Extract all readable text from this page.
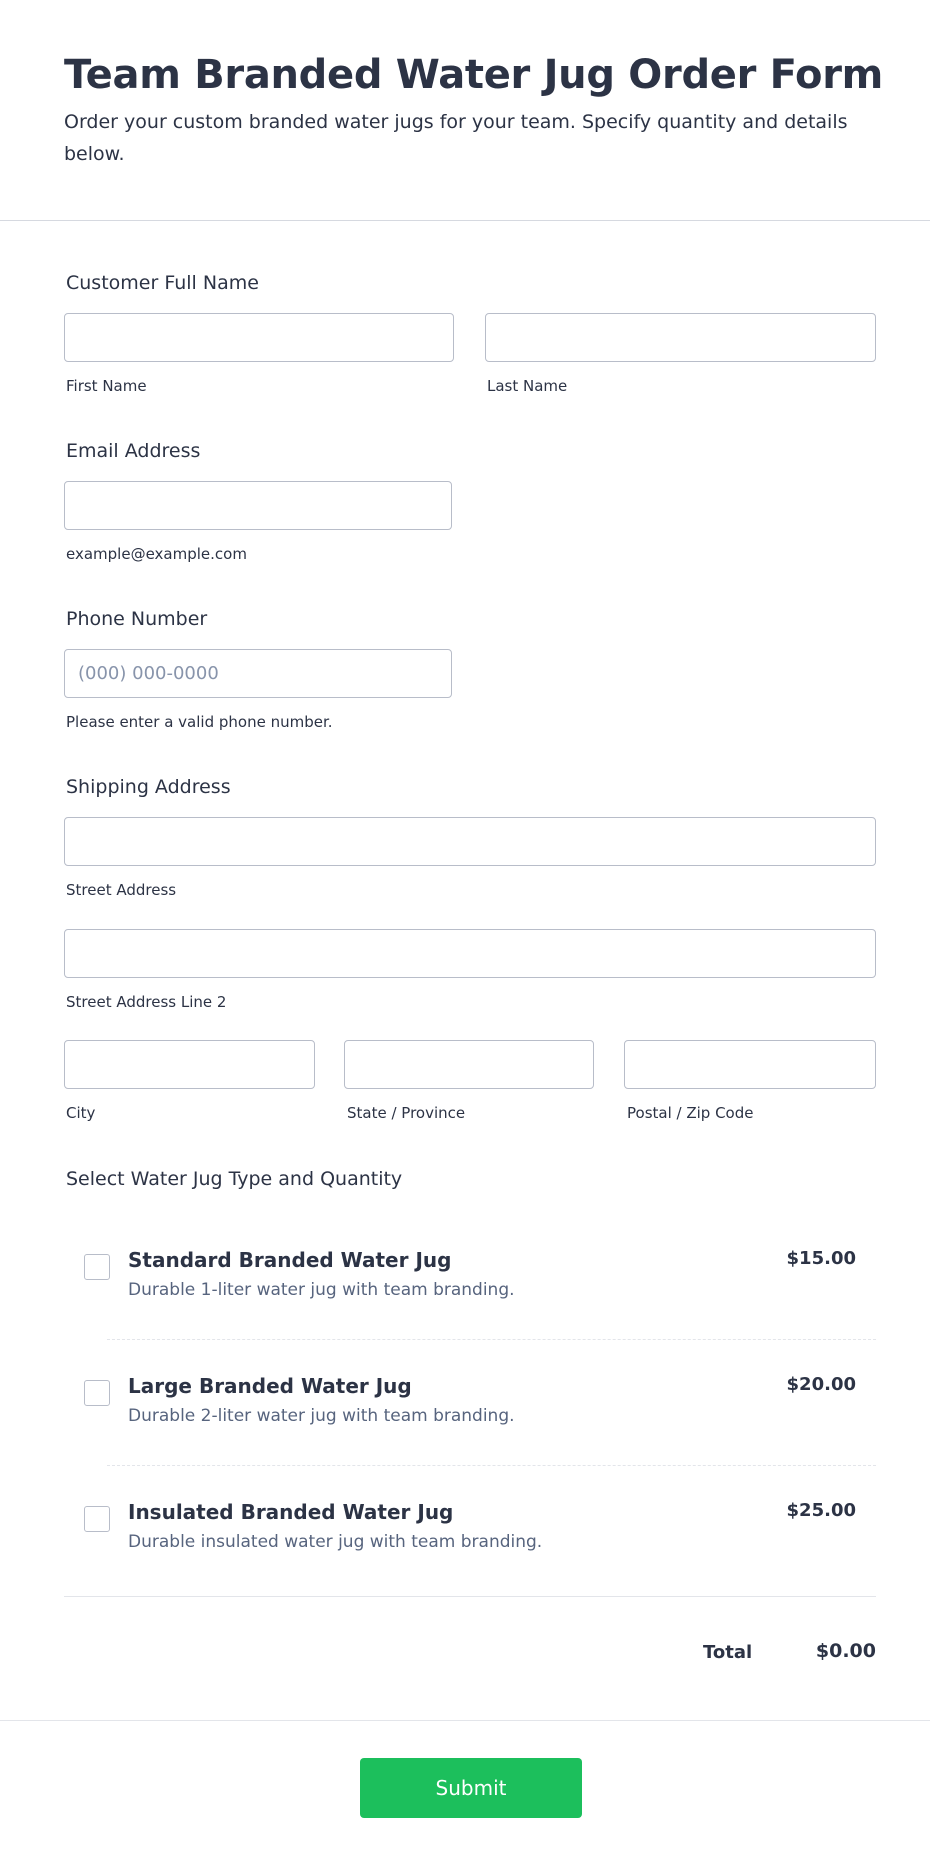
Team Branded Water Jug Order Form

Order your custom branded water jugs for your team. Specify quantity and details below.

Customer Full Name
First Name	Last Name
Email Address
example@example.com
Phone Number
(000) 000-0000
Please enter a valid phone number.
Shipping Address
Street Address
Street Address Line 2
City	State / Province	Postal / Zip Code
Select Water Jug Type and Quantity
Standard Branded Water Jug
Durable 1-liter water jug with team branding.
$15.00
Large Branded Water Jug
Durable 2-liter water jug with team branding.
$20.00
Insulated Branded Water Jug
Durable insulated water jug with team branding.
$25.00
Total	$0.00
Submit
